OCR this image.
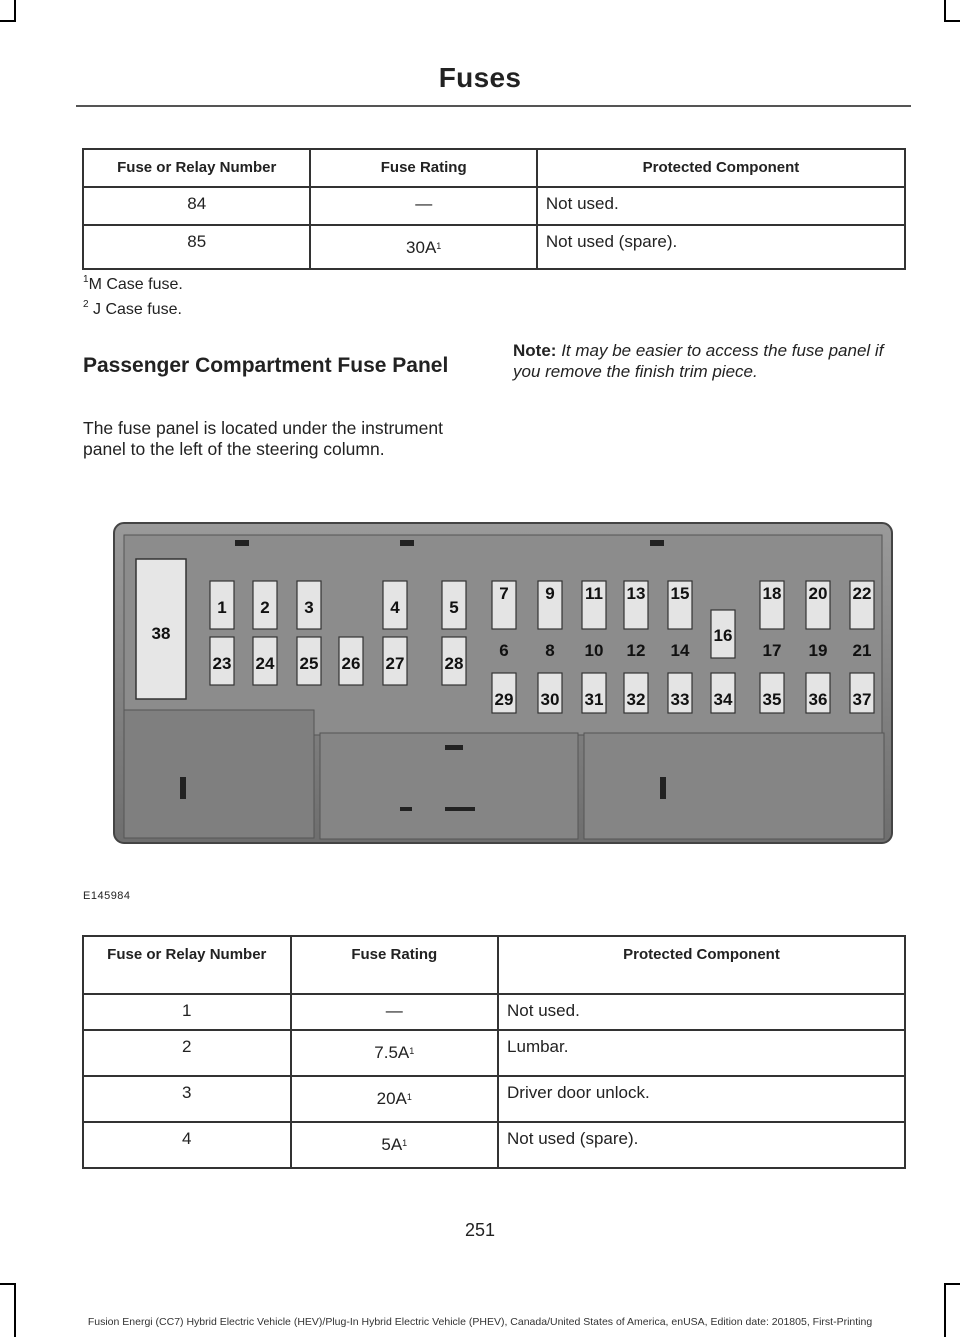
Fuses
Fuse or Relay Number	Fuse Rating	Protected Component
84	—	Not used.
85	$30A^1$	Not used (spare).
$^1$M Case fuse.
$^2$ J Case fuse.
Passenger Compartment Fuse Panel
The fuse panel is located under the instrument panel to the left of the steering column.
Note: It may be easier to access the fuse panel if you remove the finish trim piece.
1 2 3	4	5
7
6
9
8
11
10
13
12
15
14
16
18
17
20
19
22
21
23 24 25 26 27 28
29 30 31 32 33 34 35 36 37
38
E145984
Fuse or Relay Number	Fuse Rating	Protected Component
1	—	Not used.
2	$7.5A^1$	Lumbar.
3	$20A^1$	Driver door unlock.
4	$5A^1$	Not used (spare).
251
Fusion Energi (CC7) Hybrid Electric Vehicle (HEV)/Plug-In Hybrid Electric Vehicle (PHEV), Canada/United States of America, enUSA, Edition date: 201805, First-Printing
